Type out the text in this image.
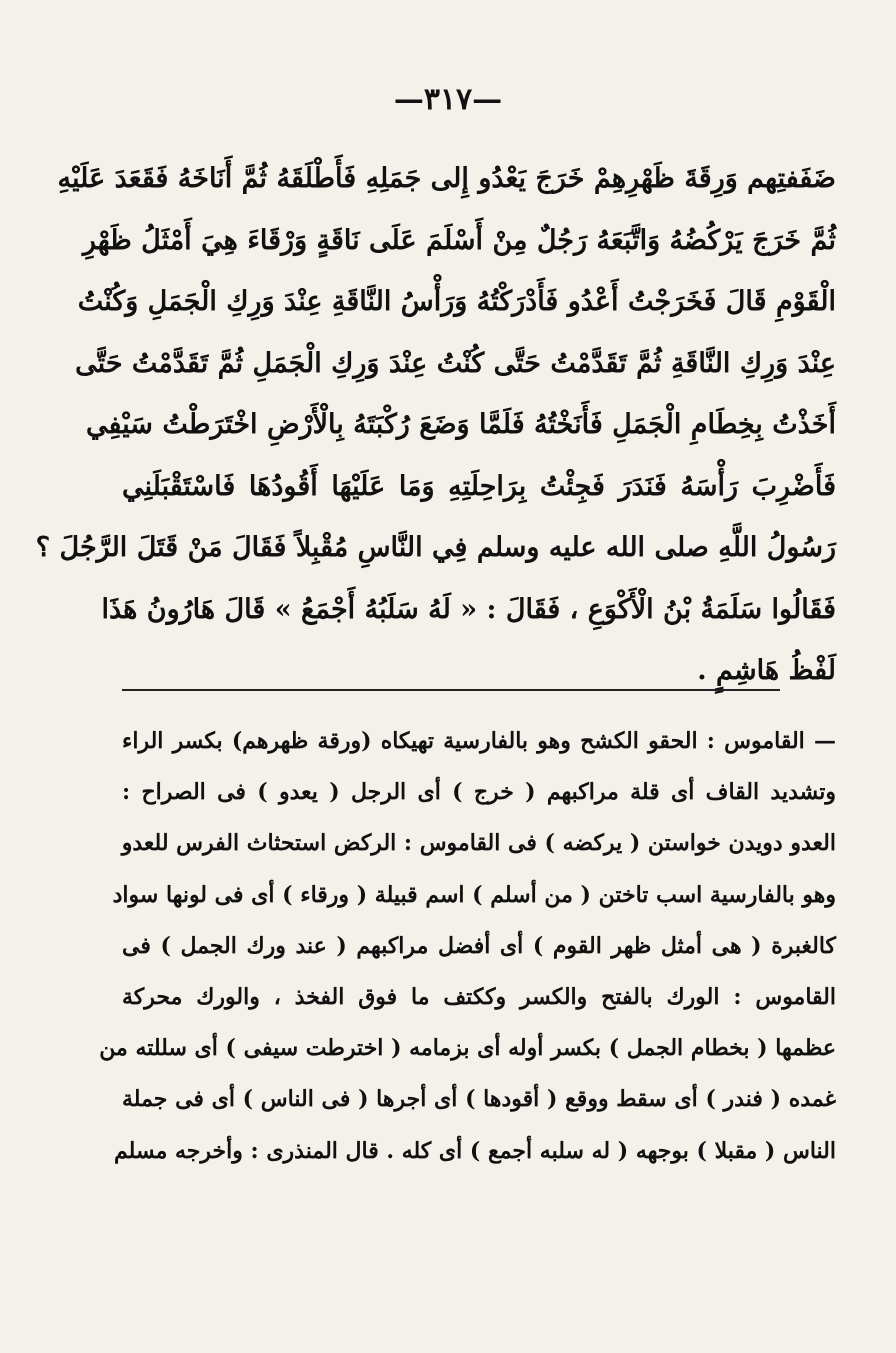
—٣١٧—
ضَفَفتِهم وَرِقَةَ ظَهْرِهِمْ خَرَجَ يَعْدُو إِلى جَمَلِهِ فَأَطْلَقَهُ ثُمَّ أَنَاخَهُ فَقَعَدَ عَلَيْهِ
ثُمَّ خَرَجَ يَرْكُضُهُ وَاتَّبَعَهُ رَجُلٌ مِنْ أَسْلَمَ عَلَى نَاقَةٍ وَرْقَاءَ هِيَ أَمْثَلُ ظَهْرِ
الْقَوْمِ قَالَ فَخَرَجْتُ أَعْدُو فَأَدْرَكْتُهُ وَرَأْسُ النَّاقَةِ عِنْدَ وَرِكِ الْجَمَلِ وَكُنْتُ
عِنْدَ وَرِكِ النَّاقَةِ ثُمَّ تَقَدَّمْتُ حَتَّى كُنْتُ عِنْدَ وَرِكِ الْجَمَلِ ثُمَّ تَقَدَّمْتُ حَتَّى
أَخَذْتُ بِخِطَامِ الْجَمَلِ فَأَنَخْتُهُ فَلَمَّا وَضَعَ رُكْبَتَهُ بِالْأَرْضِ اخْتَرَطْتُ سَيْفِي
فَأَضْرِبَ رَأْسَهُ فَنَدَرَ فَجِئْتُ بِرَاحِلَتِهِ وَمَا عَلَيْهَا أَقُودُهَا فَاسْتَقْبَلَنِي
رَسُولُ اللَّهِ صلى الله عليه وسلم فِي النَّاسِ مُقْبِلاً فَقَالَ مَنْ قَتَلَ الرَّجُلَ ؟
فَقَالُوا سَلَمَةُ بْنُ الْأَكْوَعِ ، فَقَالَ : « لَهُ سَلَبُهُ أَجْمَعُ » قَالَ هَارُونُ هَذَا
لَفْظُ هَاشِمٍ .
— القاموس : الحقو الكشح وهو بالفارسية تهيكاه (ورقة ظهرهم) بكسر الراء
وتشديد القاف أى قلة مراكبهم ( خرج ) أى الرجل ( يعدو ) فى الصراح :
العدو دويدن خواستن ( يركضه ) فى القاموس : الركض استحثاث الفرس للعدو
وهو بالفارسية اسب تاختن ( من أسلم ) اسم قبيلة ( ورقاء ) أى فى لونها سواد
كالغبرة ( هى أمثل ظهر القوم ) أى أفضل مراكبهم ( عند ورك الجمل ) فى
القاموس : الورك بالفتح والكسر وككتف ما فوق الفخذ ، والورك محركة
عظمها ( بخطام الجمل ) بكسر أوله أى بزمامه ( اخترطت سيفى ) أى سللته من
غمده ( فندر ) أى سقط ووقع ( أقودها ) أى أجرها ( فى الناس ) أى فى جملة
الناس ( مقبلا ) بوجهه ( له سلبه أجمع ) أى كله . قال المنذرى : وأخرجه مسلم
